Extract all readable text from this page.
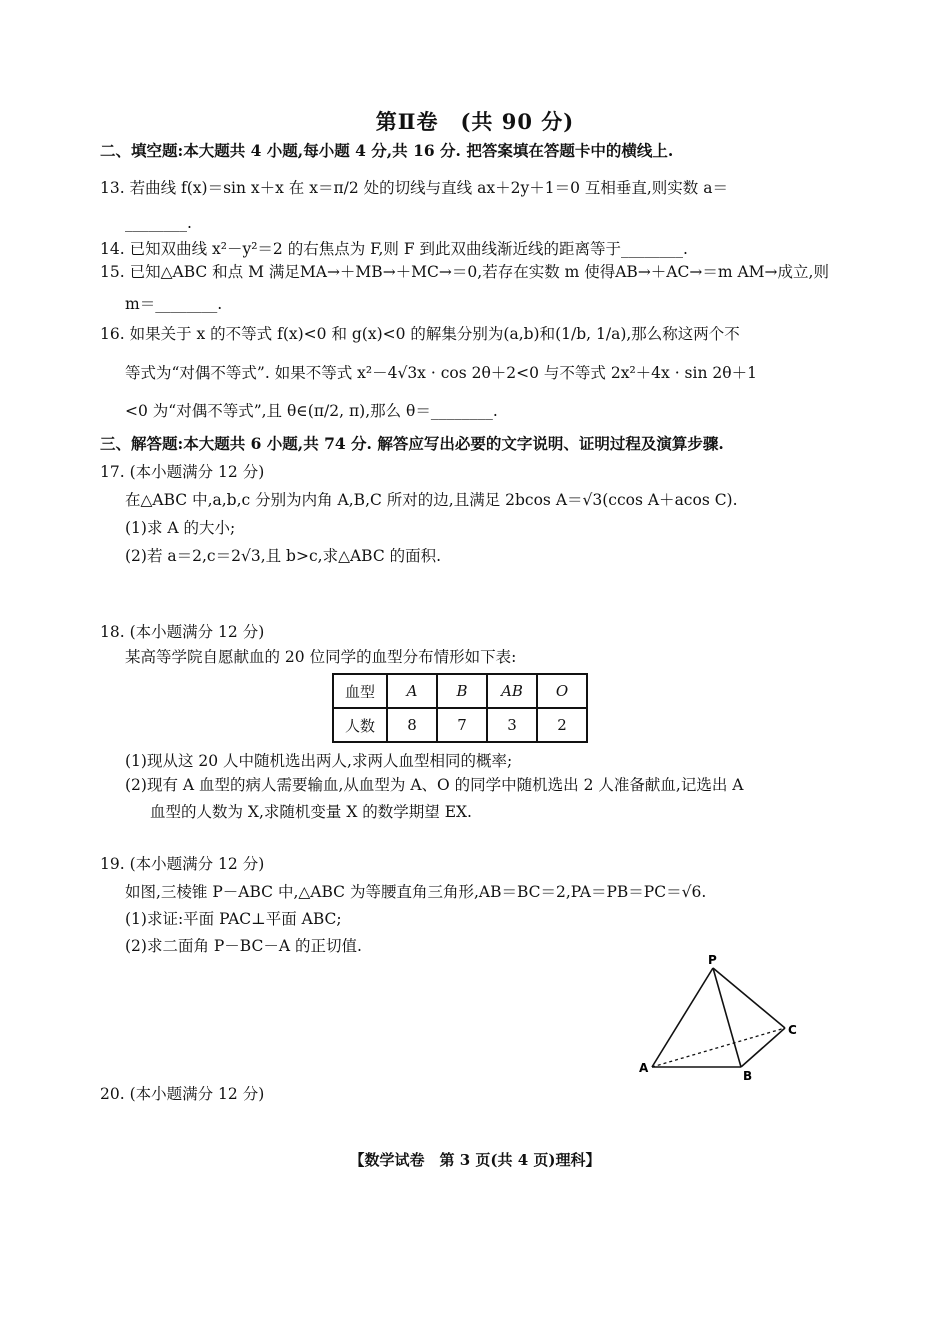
第Ⅱ卷　(共 90 分)
二、填空题:本大题共 4 小题,每小题 4 分,共 16 分. 把答案填在答题卡中的横线上.
13. 若曲线 f(x)＝sin x＋x 在 x＝π/2 处的切线与直线 ax＋2y＋1＝0 互相垂直,则实数 a＝
________.
14. 已知双曲线 x²－y²＝2 的右焦点为 F,则 F 到此双曲线渐近线的距离等于________.
15. 已知△ABC 和点 M 满足MA→＋MB→＋MC→＝0,若存在实数 m 使得AB→＋AC→＝m AM→成立,则
m＝________.
16. 如果关于 x 的不等式 f(x)<0 和 g(x)<0 的解集分别为(a,b)和(1/b, 1/a),那么称这两个不
等式为“对偶不等式”. 如果不等式 x²－4√3x · cos 2θ＋2<0 与不等式 2x²＋4x · sin 2θ＋1
<0 为“对偶不等式”,且 θ∈(π/2, π),那么 θ＝________.
三、解答题:本大题共 6 小题,共 74 分. 解答应写出必要的文字说明、证明过程及演算步骤.
17. (本小题满分 12 分)
在△ABC 中,a,b,c 分别为内角 A,B,C 所对的边,且满足 2bcos A＝√3(ccos A＋acos C).
(1)求 A 的大小;
(2)若 a＝2,c＝2√3,且 b>c,求△ABC 的面积.
18. (本小题满分 12 分)
某高等学院自愿献血的 20 位同学的血型分布情形如下表:
血型	A	B	AB	O
人数	8	7	3	2
(1)现从这 20 人中随机选出两人,求两人血型相同的概率;
(2)现有 A 血型的病人需要输血,从血型为 A、O 的同学中随机选出 2 人准备献血,记选出 A
血型的人数为 X,求随机变量 X 的数学期望 EX.
19. (本小题满分 12 分)
如图,三棱锥 P－ABC 中,△ABC 为等腰直角三角形,AB＝BC＝2,PA＝PB＝PC＝√6.
(1)求证:平面 PAC⊥平面 ABC;
(2)求二面角 P－BC－A 的正切值.
P
A
B
C
20. (本小题满分 12 分)
【数学试卷　第 3 页(共 4 页)理科】
